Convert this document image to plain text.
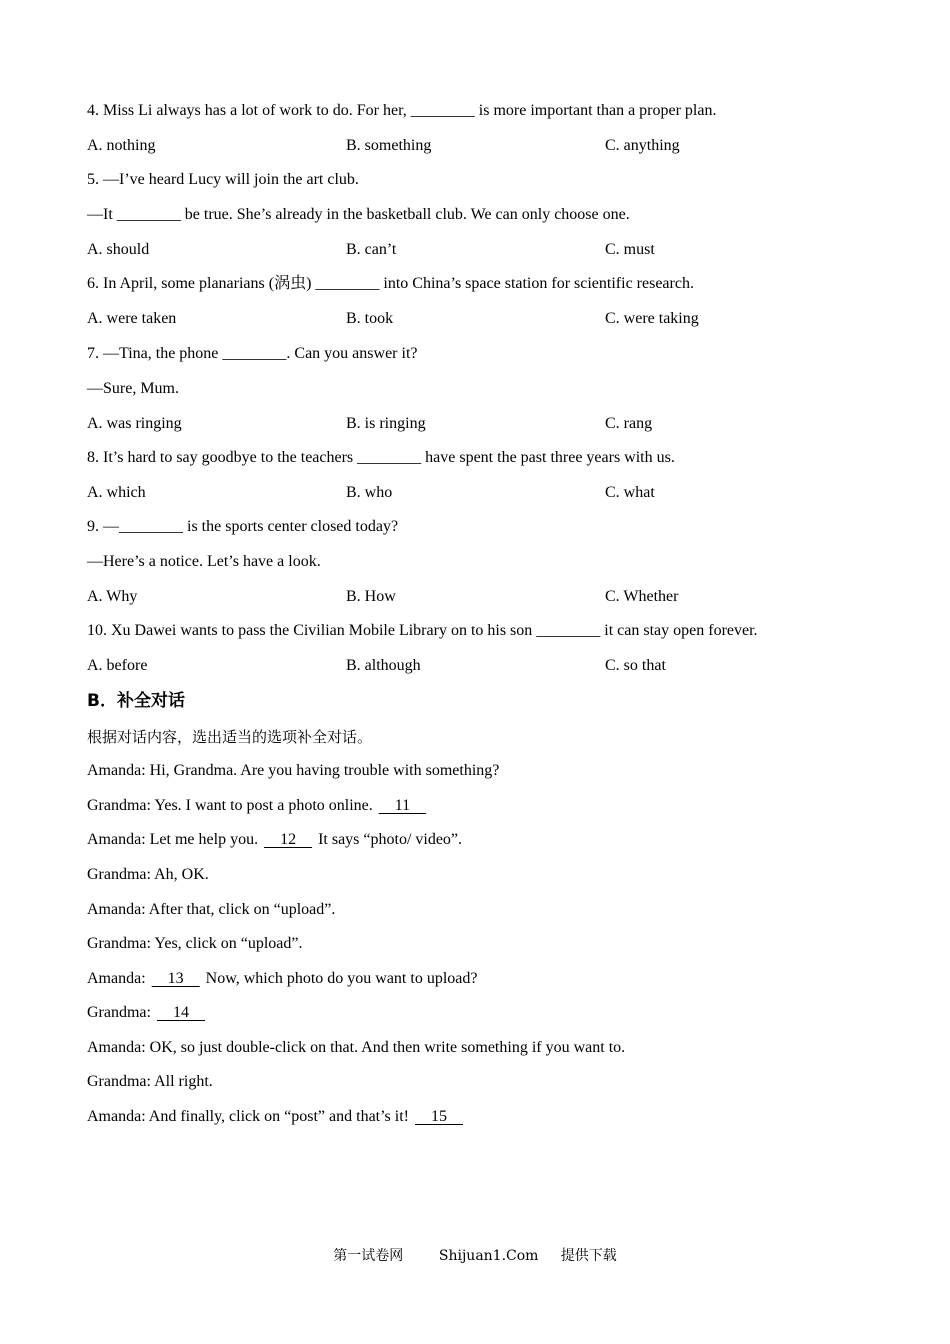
4. Miss Li always has a lot of work to do. For her, ________ is more important than a proper plan.
A. nothing	B. something	C. anything
5. —I’ve heard Lucy will join the art club.
—It ________ be true. She’s already in the basketball club. We can only choose one.
A. should	B. can’t	C. must
6. In April, some planarians (涡虫) ________ into China’s space station for scientific research.
A. were taken	B. took	C. were taking
7. —Tina, the phone ________. Can you answer it?
—Sure, Mum.
A. was ringing	B. is ringing	C. rang
8. It’s hard to say goodbye to the teachers ________ have spent the past three years with us.
A. which	B. who	C. what
9. —________ is the sports center closed today?
—Here’s a notice. Let’s have a look.
A. Why	B. How	C. Whether
10. Xu Dawei wants to pass the Civilian Mobile Library on to his son ________ it can stay open forever.
A. before	B. although	C. so that
B．补全对话
根据对话内容，选出适当的选项补全对话。
Amanda: Hi, Grandma. Are you having trouble with something?
Grandma: Yes. I want to post a photo online.     11
Amanda: Let me help you.     12     It says “photo/ video”.
Grandma: Ah, OK.
Amanda: After that, click on “upload”.
Grandma: Yes, click on “upload”.
Amanda:     13     Now, which photo do you want to upload?
Grandma:     14
Amanda: OK, so just double-click on that. And then write something if you want to.
Grandma: All right.
Amanda: And finally, click on “post” and that’s it!     15
第一试卷网	Shijuan1.Com 提供下载
